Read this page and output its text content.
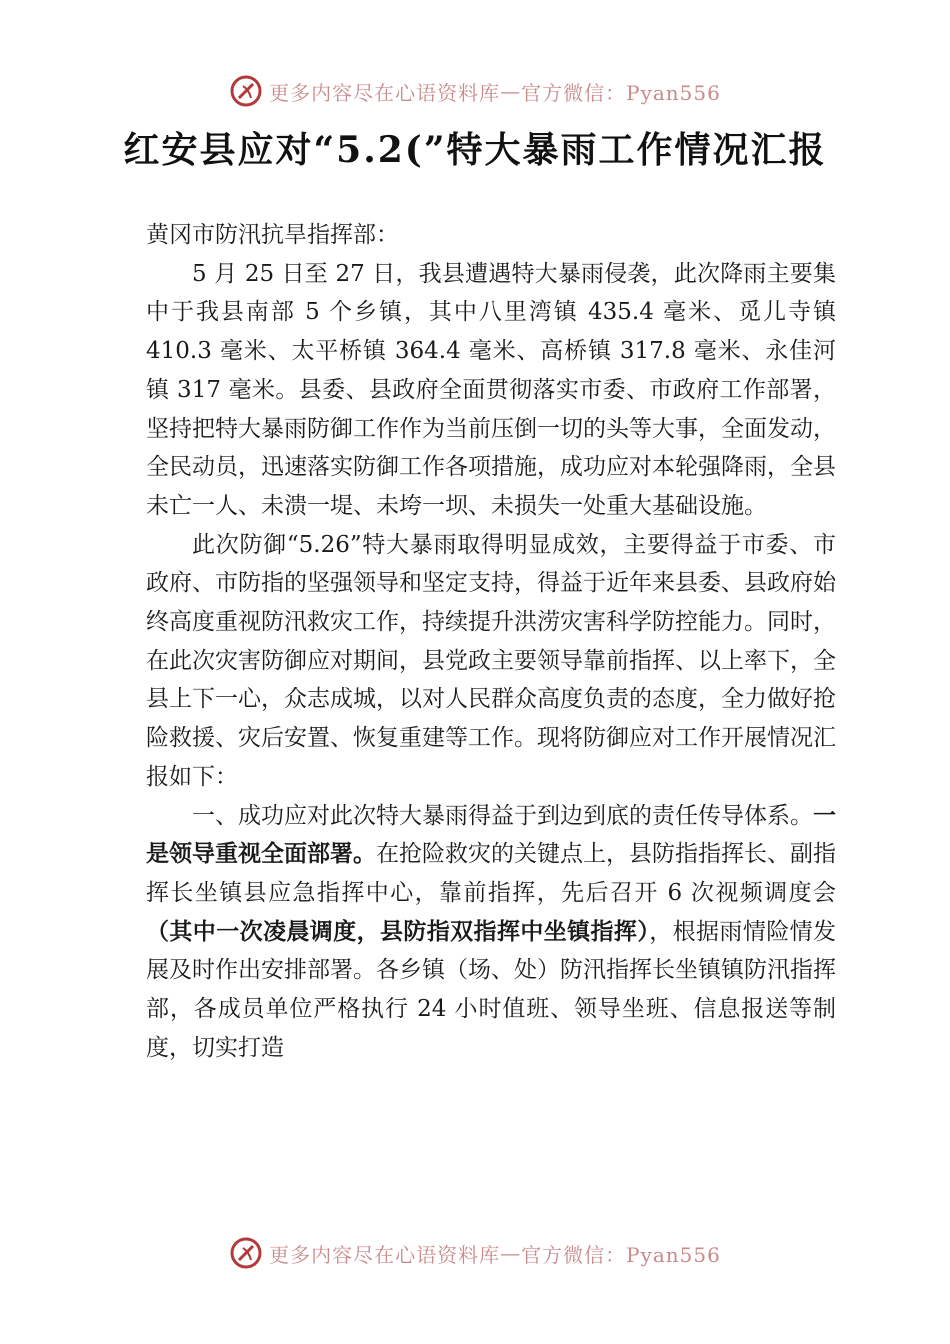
更多内容尽在心语资料库 — 官方微信：Pyan556
红安县应对“5.2(”特大暴雨工作情况汇报

黄冈市防汛抗旱指挥部：

5 月 25 日至 27 日，我县遭遇特大暴雨侵袭，此次降雨主要集中于我县南部 5 个乡镇，其中八里湾镇 435.4 毫米、觅儿寺镇 410.3 毫米、太平桥镇 364.4 毫米、高桥镇 317.8 毫米、永佳河镇 317 毫米。县委、县政府全面贯彻落实市委、市政府工作部署，坚持把特大暴雨防御工作作为当前压倒一切的头等大事，全面发动，全民动员，迅速落实防御工作各项措施，成功应对本轮强降雨，全县未亡一人、未溃一堤、未垮一坝、未损失一处重大基础设施。

此次防御“5.26”特大暴雨取得明显成效，主要得益于市委、市政府、市防指的坚强领导和坚定支持，得益于近年来县委、县政府始终高度重视防汛救灾工作，持续提升洪涝灾害科学防控能力。同时，在此次灾害防御应对期间，县党政主要领导靠前指挥、以上率下，全县上下一心，众志成城，以对人民群众高度负责的态度，全力做好抢险救援、灾后安置、恢复重建等工作。现将防御应对工作开展情况汇报如下：

一、成功应对此次特大暴雨得益于到边到底的责任传导体系。一是领导重视全面部署。在抢险救灾的关键点上，县防指指挥长、副指挥长坐镇县应急指挥中心，靠前指挥，先后召开 6 次视频调度会（其中一次凌晨调度，县防指双指挥中坐镇指挥），根据雨情险情发展及时作出安排部署。各乡镇（场、处）防汛指挥长坐镇镇防汛指挥部，各成员单位严格执行 24 小时值班、领导坐班、信息报送等制度，切实打造

更多内容尽在心语资料库 — 官方微信：Pyan556
